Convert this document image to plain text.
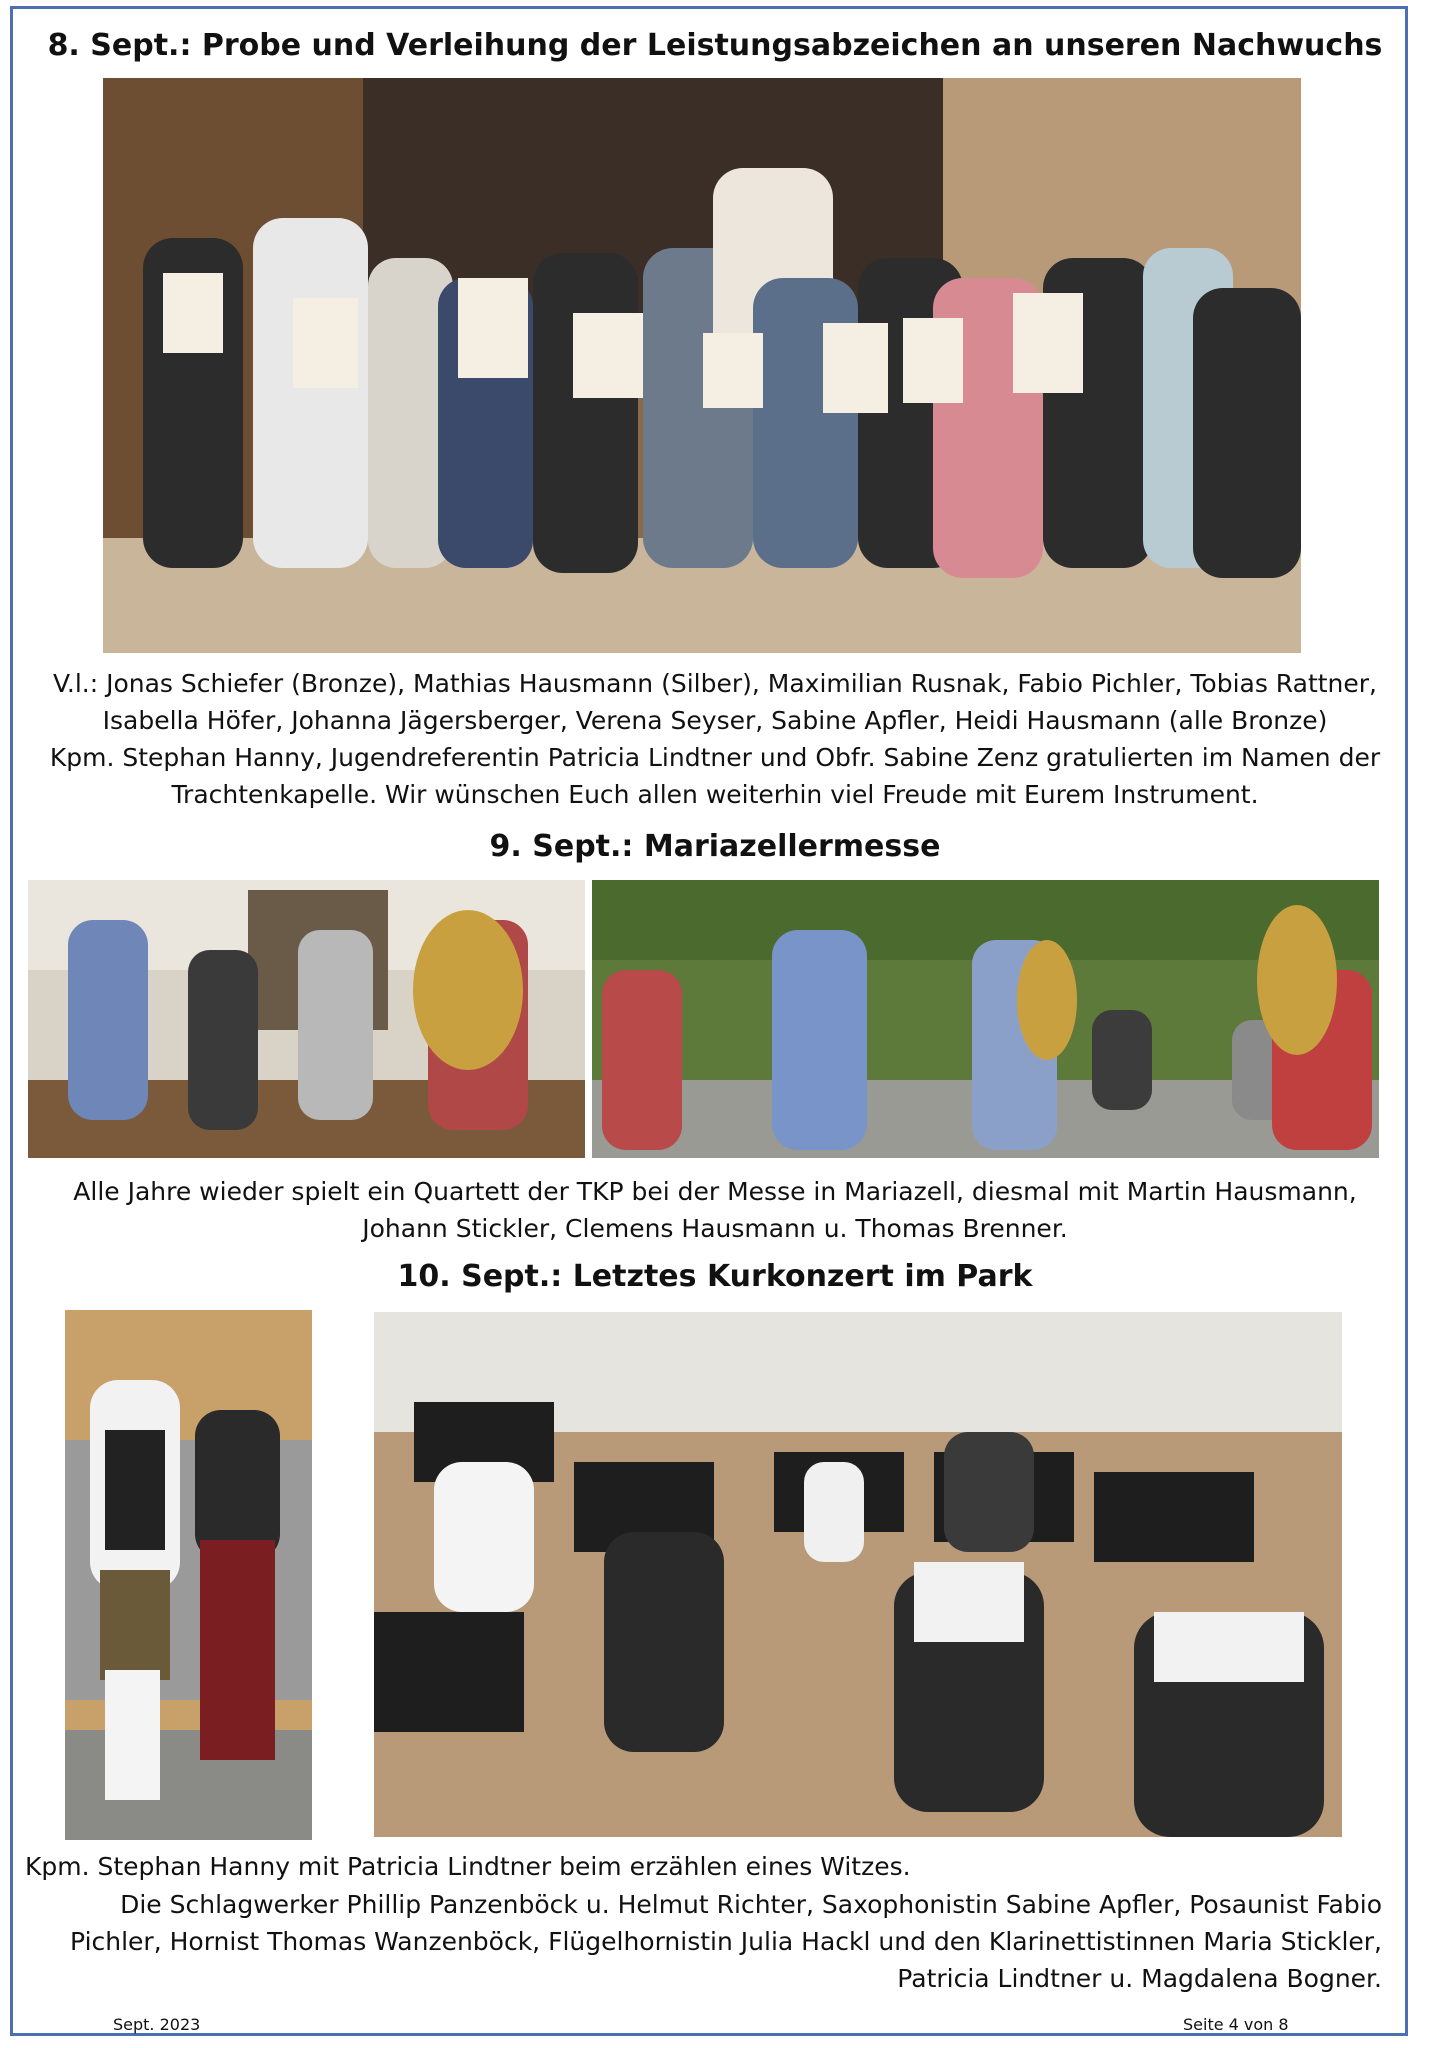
8. Sept.: Probe und Verleihung der Leistungsabzeichen an unseren Nachwuchs
V.l.: Jonas Schiefer (Bronze), Mathias Hausmann (Silber), Maximilian Rusnak, Fabio Pichler, Tobias Rattner,
Isabella Höfer, Johanna Jägersberger, Verena Seyser, Sabine Apfler, Heidi Hausmann (alle Bronze)
Kpm. Stephan Hanny, Jugendreferentin Patricia Lindtner und Obfr. Sabine Zenz gratulierten im Namen der
Trachtenkapelle. Wir wünschen Euch allen weiterhin viel Freude mit Eurem Instrument.
9. Sept.: Mariazellermesse
Alle Jahre wieder spielt ein Quartett der TKP bei der Messe in Mariazell, diesmal mit Martin Hausmann,
Johann Stickler, Clemens Hausmann u. Thomas Brenner.
10. Sept.: Letztes Kurkonzert im Park
Kpm. Stephan Hanny mit Patricia Lindtner beim erzählen eines Witzes.
Die Schlagwerker Phillip Panzenböck u. Helmut Richter, Saxophonistin Sabine Apfler, Posaunist Fabio
Pichler, Hornist Thomas Wanzenböck, Flügelhornistin Julia Hackl und den Klarinettistinnen Maria Stickler,
Patricia Lindtner u. Magdalena Bogner.
Sept. 2023	Seite 4 von 8
